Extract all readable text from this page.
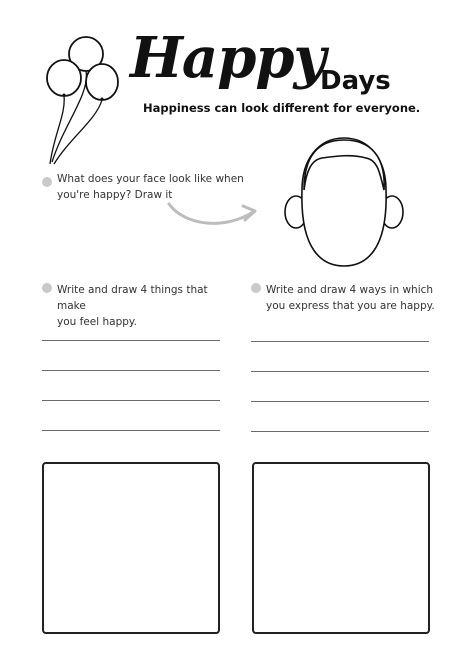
Happy
Days

Happiness can look different for everyone.

What does your face look like when
you're happy? Draw it

Write and draw 4 things that make
you feel happy.

Write and draw 4 ways in which
you express that you are happy.
